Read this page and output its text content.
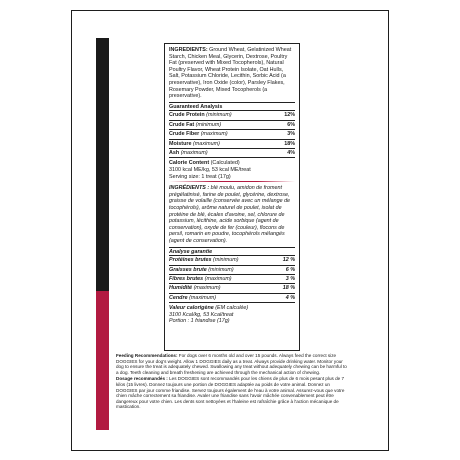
INGREDIENTS: Ground Wheat, Gelatinized Wheat Starch, Chicken Meal, Glycerin, Dextrose, Poultry Fat (preserved with Mixed Tocopherols), Natural Poultry Flavor, Wheat Protein Isolate, Oat Hulls, Salt, Potassium Chloride, Lecithin, Sorbic Acid (a preservative), Iron Oxide (color), Parsley Flakes, Rosemary Powder, Mixed Tocopherols (a preservative).

Guaranteed Analysis

Crude Protein (minimum)	12%
Crude Fat (minimum)	6%
Crude Fiber (maximum)	3%
Moisture (maximum)	18%
Ash (maximum)	4%

Calorie Content (Calculated)

3100 kcal ME/kg, 53 kcal ME/treat

Serving size: 1 treat (17g)

INGRÉDIENTS : blé moulu, amidon de froment prégélatinisé, farine de poulet, glycérine, dextrose, graisse de volaille (conservée avec un mélange de tocophérols), arôme naturel de poulet, isolat de protéine de blé, écales d'avoine, sel, chlorure de potassium, lécithine, acide sorbique (agent de conservation), oxyde de fer (couleur), flocons de persil, romarin en poudre, tocophérols mélangés (agent de conservation).

Analyse garantie

Protéines brutes (minimum)	12 %
Graisses brute (minimum)	6 %
Fibres brutes (maximum)	3 %
Humidité (maximum)	18 %
Cendre (maximum)	4 %

Valeur calorigène (EM calculée)

3100 Kcal/kg, 53 Kcal/treat

Portion : 1 friandise (17g)

Feeding Recommendations: For dogs over 6 months old and over 15 pounds. Always feed the correct size DOGGIES for your dog's weight. Allow 1 DOGGIES daily as a treat. Always provide drinking water. Monitor your dog to ensure the treat is adequately chewed. Swallowing any treat without adequately chewing can be harmful to a dog. Teeth cleaning and breath freshening are achieved through the mechanical action of chewing.

Dosage recommandés : Les DOGGIES sont recommandés pour les chiens de plus de 6 mois pesant plus de 7 kilos (15 livres). Donnez toujours une portion de DOGGIES adaptée au poids de votre animal. Donnez un DOGGIES par jour comme friandise. Servez toujours également de l'eau à votre animal. Assurez-vous que votre chien mâche correctement sa friandise. Avaler une friandise sans l'avoir mâchée convenablement peut être dangereux pour votre chien. Les dents sont nettoyées et l'haleine est rafraîchie grâce à l'action mécanique de mastication.
